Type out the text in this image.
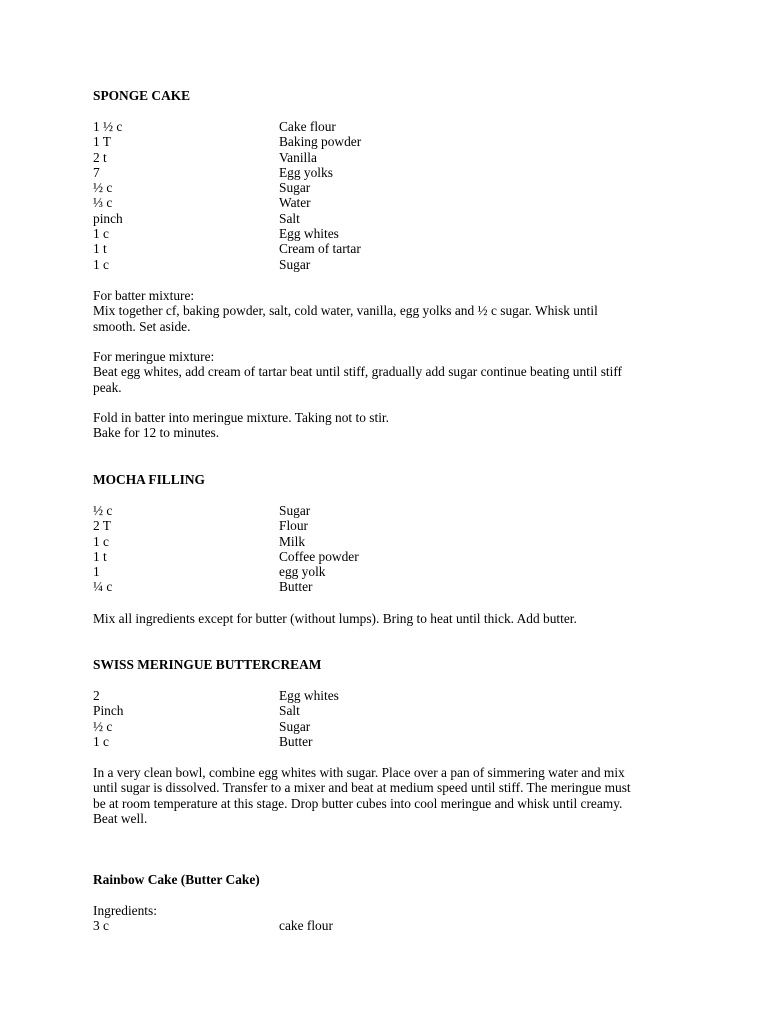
SPONGE CAKE
1 ½ c	Cake flour
1 T	Baking powder
2 t	Vanilla
7	Egg yolks
½ c	Sugar
⅓ c	Water
pinch	Salt
1 c	Egg whites
1 t	Cream of tartar
1 c	Sugar
For batter mixture:
Mix together cf, baking powder, salt, cold water, vanilla, egg yolks and ½ c sugar. Whisk until
smooth. Set aside.
For meringue mixture:
Beat egg whites, add cream of tartar beat until stiff, gradually add sugar continue beating until stiff
peak.
Fold in batter into meringue mixture. Taking not to stir.
Bake for 12 to minutes.
MOCHA FILLING
½ c	Sugar
2 T	Flour
1 c	Milk
1 t	Coffee powder
1	egg yolk
¼ c	Butter
Mix all ingredients except for butter (without lumps). Bring to heat until thick. Add butter.
SWISS MERINGUE BUTTERCREAM
2	Egg whites
Pinch	Salt
½ c	Sugar
1 c	Butter
In a very clean bowl, combine egg whites with sugar. Place over a pan of simmering water and mix
until sugar is dissolved. Transfer to a mixer and beat at medium speed until stiff. The meringue must
be at room temperature at this stage. Drop butter cubes into cool meringue and whisk until creamy.
Beat well.
Rainbow Cake (Butter Cake)
Ingredients:
3 c	cake flour
